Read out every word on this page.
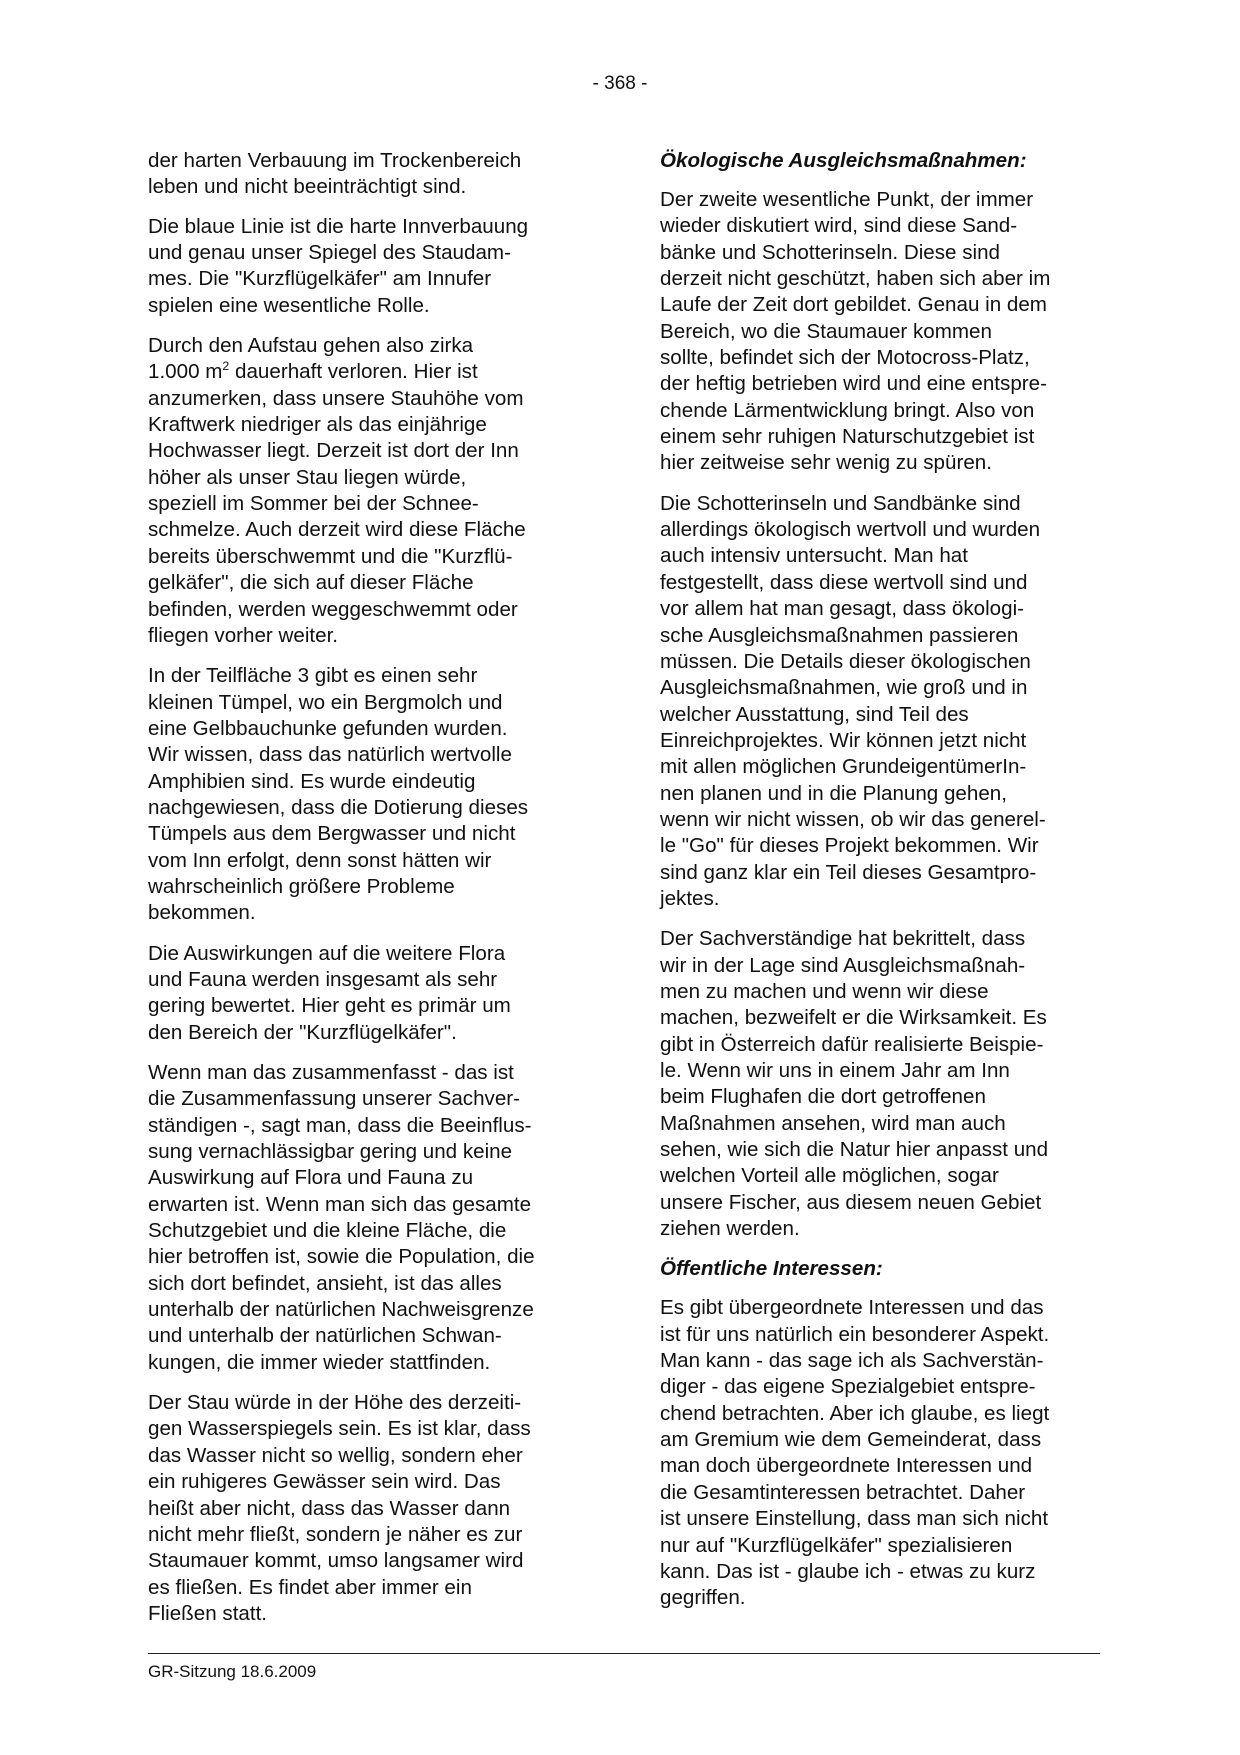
- 368 -

der harten Verbauung im Trockenbereich
leben und nicht beeinträchtigt sind.

Die blaue Linie ist die harte Innverbauung
und genau unser Spiegel des Staudam-
mes. Die "Kurzflügelkäfer" am Innufer
spielen eine wesentliche Rolle.

Durch den Aufstau gehen also zirka
1.000 $m^2$ dauerhaft verloren. Hier ist
anzumerken, dass unsere Stauhöhe vom
Kraftwerk niedriger als das einjährige
Hochwasser liegt. Derzeit ist dort der Inn
höher als unser Stau liegen würde,
speziell im Sommer bei der Schnee-
schmelze. Auch derzeit wird diese Fläche
bereits überschwemmt und die "Kurzflü-
gelkäfer", die sich auf dieser Fläche
befinden, werden weggeschwemmt oder
fliegen vorher weiter.

In der Teilfläche 3 gibt es einen sehr
kleinen Tümpel, wo ein Bergmolch und
eine Gelbbauchunke gefunden wurden.
Wir wissen, dass das natürlich wertvolle
Amphibien sind. Es wurde eindeutig
nachgewiesen, dass die Dotierung dieses
Tümpels aus dem Bergwasser und nicht
vom Inn erfolgt, denn sonst hätten wir
wahrscheinlich größere Probleme
bekommen.

Die Auswirkungen auf die weitere Flora
und Fauna werden insgesamt als sehr
gering bewertet. Hier geht es primär um
den Bereich der "Kurzflügelkäfer".

Wenn man das zusammenfasst - das ist
die Zusammenfassung unserer Sachver-
ständigen -, sagt man, dass die Beeinflus-
sung vernachlässigbar gering und keine
Auswirkung auf Flora und Fauna zu
erwarten ist. Wenn man sich das gesamte
Schutzgebiet und die kleine Fläche, die
hier betroffen ist, sowie die Population, die
sich dort befindet, ansieht, ist das alles
unterhalb der natürlichen Nachweisgrenze
und unterhalb der natürlichen Schwan-
kungen, die immer wieder stattfinden.

Der Stau würde in der Höhe des derzeiti-
gen Wasserspiegels sein. Es ist klar, dass
das Wasser nicht so wellig, sondern eher
ein ruhigeres Gewässer sein wird. Das
heißt aber nicht, dass das Wasser dann
nicht mehr fließt, sondern je näher es zur
Staumauer kommt, umso langsamer wird
es fließen. Es findet aber immer ein
Fließen statt.

Ökologische Ausgleichsmaßnahmen:

Der zweite wesentliche Punkt, der immer
wieder diskutiert wird, sind diese Sand-
bänke und Schotterinseln. Diese sind
derzeit nicht geschützt, haben sich aber im
Laufe der Zeit dort gebildet. Genau in dem
Bereich, wo die Staumauer kommen
sollte, befindet sich der Motocross-Platz,
der heftig betrieben wird und eine entspre-
chende Lärmentwicklung bringt. Also von
einem sehr ruhigen Naturschutzgebiet ist
hier zeitweise sehr wenig zu spüren.

Die Schotterinseln und Sandbänke sind
allerdings ökologisch wertvoll und wurden
auch intensiv untersucht. Man hat
festgestellt, dass diese wertvoll sind und
vor allem hat man gesagt, dass ökologi-
sche Ausgleichsmaßnahmen passieren
müssen. Die Details dieser ökologischen
Ausgleichsmaßnahmen, wie groß und in
welcher Ausstattung, sind Teil des
Einreichprojektes. Wir können jetzt nicht
mit allen möglichen GrundeigentümerIn-
nen planen und in die Planung gehen,
wenn wir nicht wissen, ob wir das generel-
le "Go" für dieses Projekt bekommen. Wir
sind ganz klar ein Teil dieses Gesamtpro-
jektes.

Der Sachverständige hat bekrittelt, dass
wir in der Lage sind Ausgleichsmaßnah-
men zu machen und wenn wir diese
machen, bezweifelt er die Wirksamkeit. Es
gibt in Österreich dafür realisierte Beispie-
le. Wenn wir uns in einem Jahr am Inn
beim Flughafen die dort getroffenen
Maßnahmen ansehen, wird man auch
sehen, wie sich die Natur hier anpasst und
welchen Vorteil alle möglichen, sogar
unsere Fischer, aus diesem neuen Gebiet
ziehen werden.

Öffentliche Interessen:

Es gibt übergeordnete Interessen und das
ist für uns natürlich ein besonderer Aspekt.
Man kann - das sage ich als Sachverstän-
diger - das eigene Spezialgebiet entspre-
chend betrachten. Aber ich glaube, es liegt
am Gremium wie dem Gemeinderat, dass
man doch übergeordnete Interessen und
die Gesamtinteressen betrachtet. Daher
ist unsere Einstellung, dass man sich nicht
nur auf "Kurzflügelkäfer" spezialisieren
kann. Das ist - glaube ich - etwas zu kurz
gegriffen.

GR-Sitzung 18.6.2009
